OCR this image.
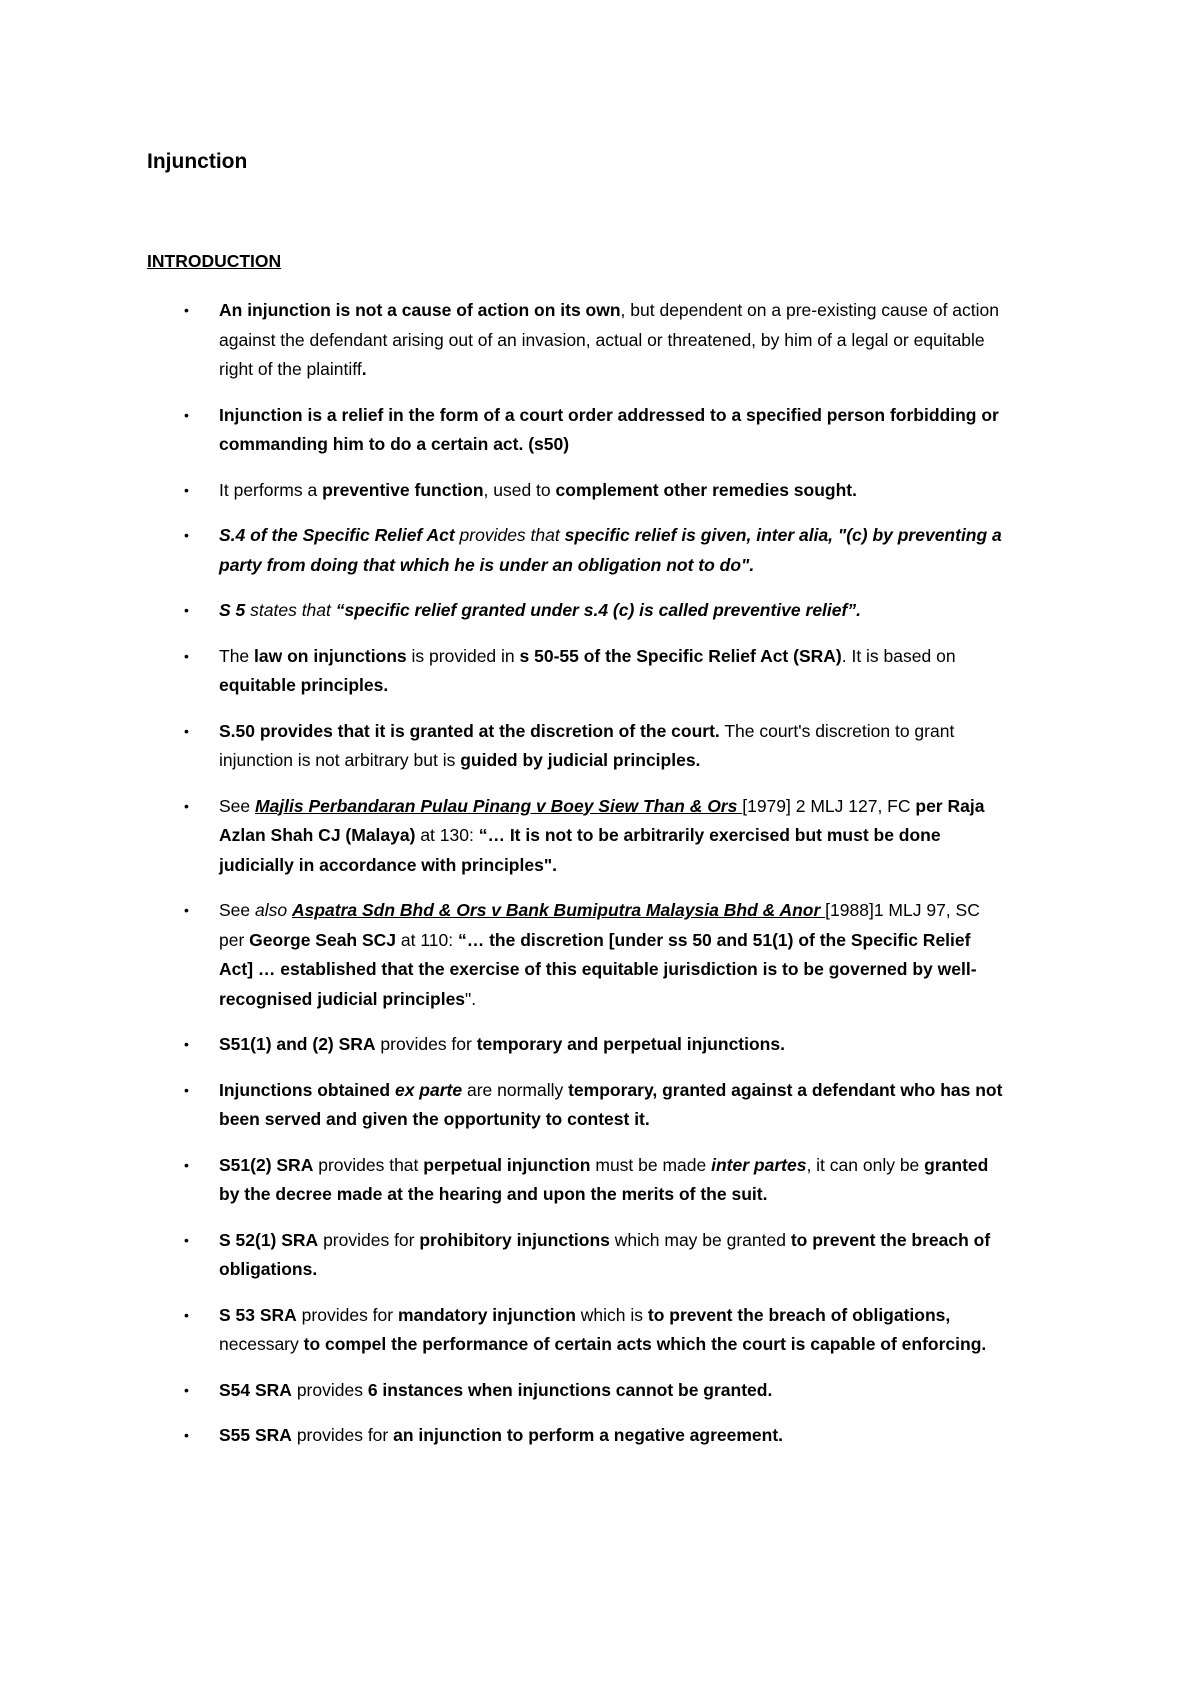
Injunction
INTRODUCTION
• An injunction is not a cause of action on its own, but dependent on a pre-existing cause of action against the defendant arising out of an invasion, actual or threatened, by him of a legal or equitable right of the plaintiff.
• Injunction is a relief in the form of a court order addressed to a specified person forbidding or commanding him to do a certain act. (s50)
• It performs a preventive function, used to complement other remedies sought.
• S.4 of the Specific Relief Act provides that specific relief is given, inter alia, "(c) by preventing a party from doing that which he is under an obligation not to do".
• S 5 states that “specific relief granted under s.4 (c) is called preventive relief”.
• The law on injunctions is provided in s 50-55 of the Specific Relief Act (SRA). It is based on equitable principles.
• S.50 provides that it is granted at the discretion of the court. The court's discretion to grant injunction is not arbitrary but is guided by judicial principles.
• See Majlis Perbandaran Pulau Pinang v Boey Siew Than & Ors [1979] 2 MLJ 127, FC per Raja Azlan Shah CJ (Malaya) at 130: “… It is not to be arbitrarily exercised but must be done judicially in accordance with principles".
• See also Aspatra Sdn Bhd & Ors v Bank Bumiputra Malaysia Bhd & Anor [1988]1 MLJ 97, SC per George Seah SCJ at 110: “… the discretion [under ss 50 and 51(1) of the Specific Relief Act] … established that the exercise of this equitable jurisdiction is to be governed by well-recognised judicial principles".
• S51(1) and (2) SRA provides for temporary and perpetual injunctions.
• Injunctions obtained ex parte are normally temporary, granted against a defendant who has not been served and given the opportunity to contest it.
• S51(2) SRA provides that perpetual injunction must be made inter partes, it can only be granted by the decree made at the hearing and upon the merits of the suit.
• S 52(1) SRA provides for prohibitory injunctions which may be granted to prevent the breach of obligations.
• S 53 SRA provides for mandatory injunction which is to prevent the breach of obligations, necessary to compel the performance of certain acts which the court is capable of enforcing.
• S54 SRA provides 6 instances when injunctions cannot be granted.
• S55 SRA provides for an injunction to perform a negative agreement.
